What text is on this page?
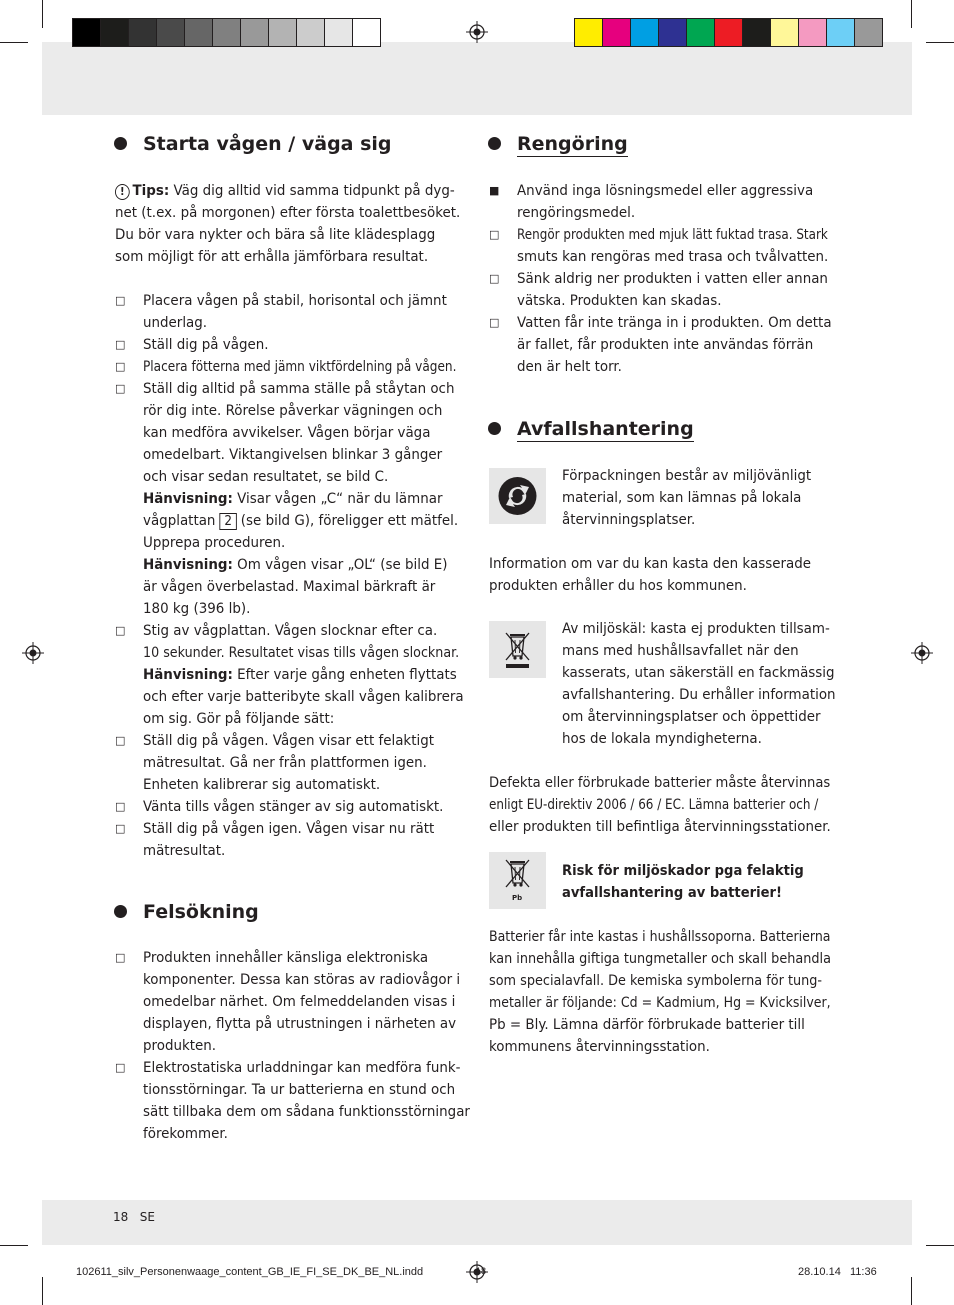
Starta vågen / väga sig
! Tips: Väg dig alltid vid samma tidpunkt på dyg-
net (t.ex. på morgonen) efter första toalettbesöket.
Du bör vara nykter och bära så lite klädesplagg
som möjligt för att erhålla jämförbara resultat.
□
□
□
□
□
□
□
□
Placera vågen på stabil, horisontal och jämnt
underlag.
Ställ dig på vågen.
Placera fötterna med jämn viktfördelning på vågen.
Ställ dig alltid på samma ställe på ståytan och
rör dig inte. Rörelse påverkar vägningen och
kan medföra avvikelser. Vågen börjar väga
omedelbart. Viktangivelsen blinkar 3 gånger
och visar sedan resultatet, se bild C.
Hänvisning: Visar vågen „C“ när du lämnar
vågplattan 2 (se bild G), föreligger ett mätfel.
Upprepa proceduren.
Hänvisning: Om vågen visar „OL“ (se bild E)
är vågen överbelastad. Maximal bärkraft är
180 kg (396 lb).
Stig av vågplattan. Vågen slocknar efter ca.
10 sekunder. Resultatet visas tills vågen slocknar.
Hänvisning: Efter varje gång enheten flyttats
och efter varje batteribyte skall vågen kalibrera
om sig. Gör på följande sätt:
Ställ dig på vågen. Vågen visar ett felaktigt
mätresultat. Gå ner från plattformen igen.
Enheten kalibrerar sig automatiskt.
Vänta tills vågen stänger av sig automatiskt.
Ställ dig på vågen igen. Vågen visar nu rätt
mätresultat.
Felsökning
□
□
Produkten innehåller känsliga elektroniska
komponenter. Dessa kan störas av radiovågor i
omedelbar närhet. Om felmeddelanden visas i
displayen, flytta på utrustningen i närheten av
produkten.
Elektrostatiska urladdningar kan medföra funk-
tionsstörningar. Ta ur batterierna en stund och
sätt tillbaka dem om sådana funktionsstörningar
förekommer.
Rengöring
■
□
□
□
Använd inga lösningsmedel eller aggressiva
rengöringsmedel.
Rengör produkten med mjuk lätt fuktad trasa. Stark
smuts kan rengöras med trasa och tvålvatten.
Sänk aldrig ner produkten i vatten eller annan
vätska. Produkten kan skadas.
Vatten får inte tränga in i produkten. Om detta
är fallet, får produkten inte användas förrän
den är helt torr.
Avfallshantering
Förpackningen består av miljövänligt
material, som kan lämnas på lokala
återvinningsplatser.
Information om var du kan kasta den kasserade
produkten erhåller du hos kommunen.
Av miljöskäl: kasta ej produkten tillsam-
mans med hushållsavfallet när den
kasserats, utan säkerställ en fackmässig
avfallshantering. Du erhåller information
om återvinningsplatser och öppettider
hos de lokala myndigheterna.
Defekta eller förbrukade batterier måste återvinnas
enligt EU-direktiv 2006 / 66 / EC. Lämna batterier och /
eller produkten till befintliga återvinningsstationer.
Pb
Risk för miljöskador pga felaktig
avfallshantering av batterier!
Batterier får inte kastas i hushållssoporna. Batterierna
kan innehålla giftiga tungmetaller och skall behandla
som specialavfall. De kemiska symbolerna för tung-
metaller är följande: Cd = Kadmium, Hg = Kvicksilver,
Pb = Bly. Lämna därför förbrukade batterier till
kommunens återvinningsstation.
18 SE
102611_silv_Personenwaage_content_GB_IE_FI_SE_DK_BE_NL.indd	18	28.10.14 11:36
